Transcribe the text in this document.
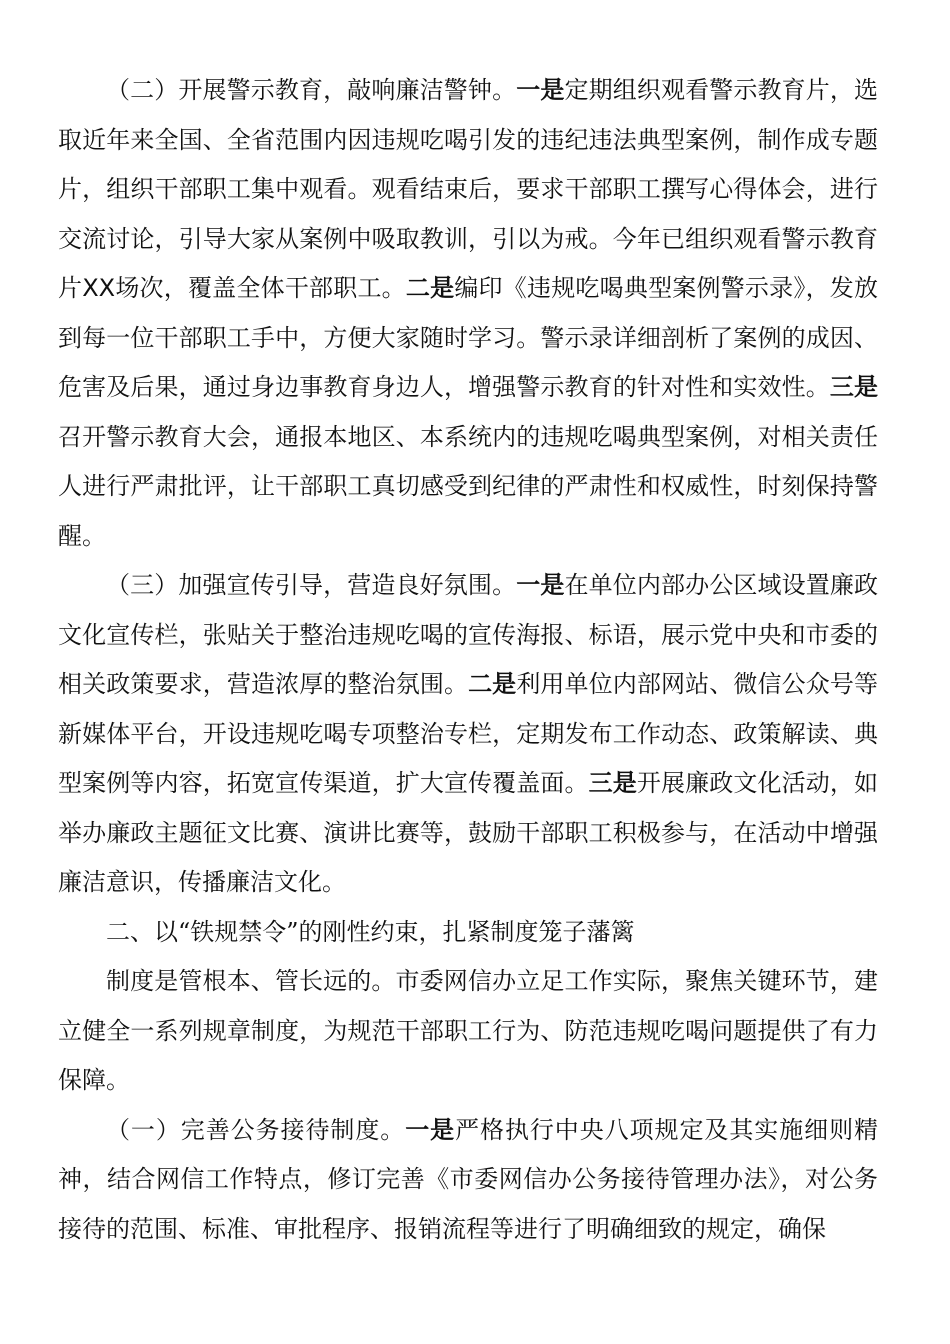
（二）开展警示教育，敲响廉洁警钟。一是定期组织观看警示教育片，选取近年来全国、全省范围内因违规吃喝引发的违纪违法典型案例，制作成专题片，组织干部职工集中观看。观看结束后，要求干部职工撰写心得体会，进行交流讨论，引导大家从案例中吸取教训，引以为戒。今年已组织观看警示教育片XX场次，覆盖全体干部职工。二是编印《违规吃喝典型案例警示录》，发放到每一位干部职工手中，方便大家随时学习。警示录详细剖析了案例的成因、危害及后果，通过身边事教育身边人，增强警示教育的针对性和实效性。三是召开警示教育大会，通报本地区、本系统内的违规吃喝典型案例，对相关责任人进行严肃批评，让干部职工真切感受到纪律的严肃性和权威性，时刻保持警醒。

（三）加强宣传引导，营造良好氛围。一是在单位内部办公区域设置廉政文化宣传栏，张贴关于整治违规吃喝的宣传海报、标语，展示党中央和市委的相关政策要求，营造浓厚的整治氛围。二是利用单位内部网站、微信公众号等新媒体平台，开设违规吃喝专项整治专栏，定期发布工作动态、政策解读、典型案例等内容，拓宽宣传渠道，扩大宣传覆盖面。三是开展廉政文化活动，如举办廉政主题征文比赛、演讲比赛等，鼓励干部职工积极参与，在活动中增强廉洁意识，传播廉洁文化。

二、以“铁规禁令”的刚性约束，扎紧制度笼子藩篱

制度是管根本、管长远的。市委网信办立足工作实际，聚焦关键环节，建立健全一系列规章制度，为规范干部职工行为、防范违规吃喝问题提供了有力保障。

（一）完善公务接待制度。一是严格执行中央八项规定及其实施细则精神，结合网信工作特点，修订完善《市委网信办公务接待管理办法》，对公务接待的范围、标准、审批程序、报销流程等进行了明确细致的规定，确保
